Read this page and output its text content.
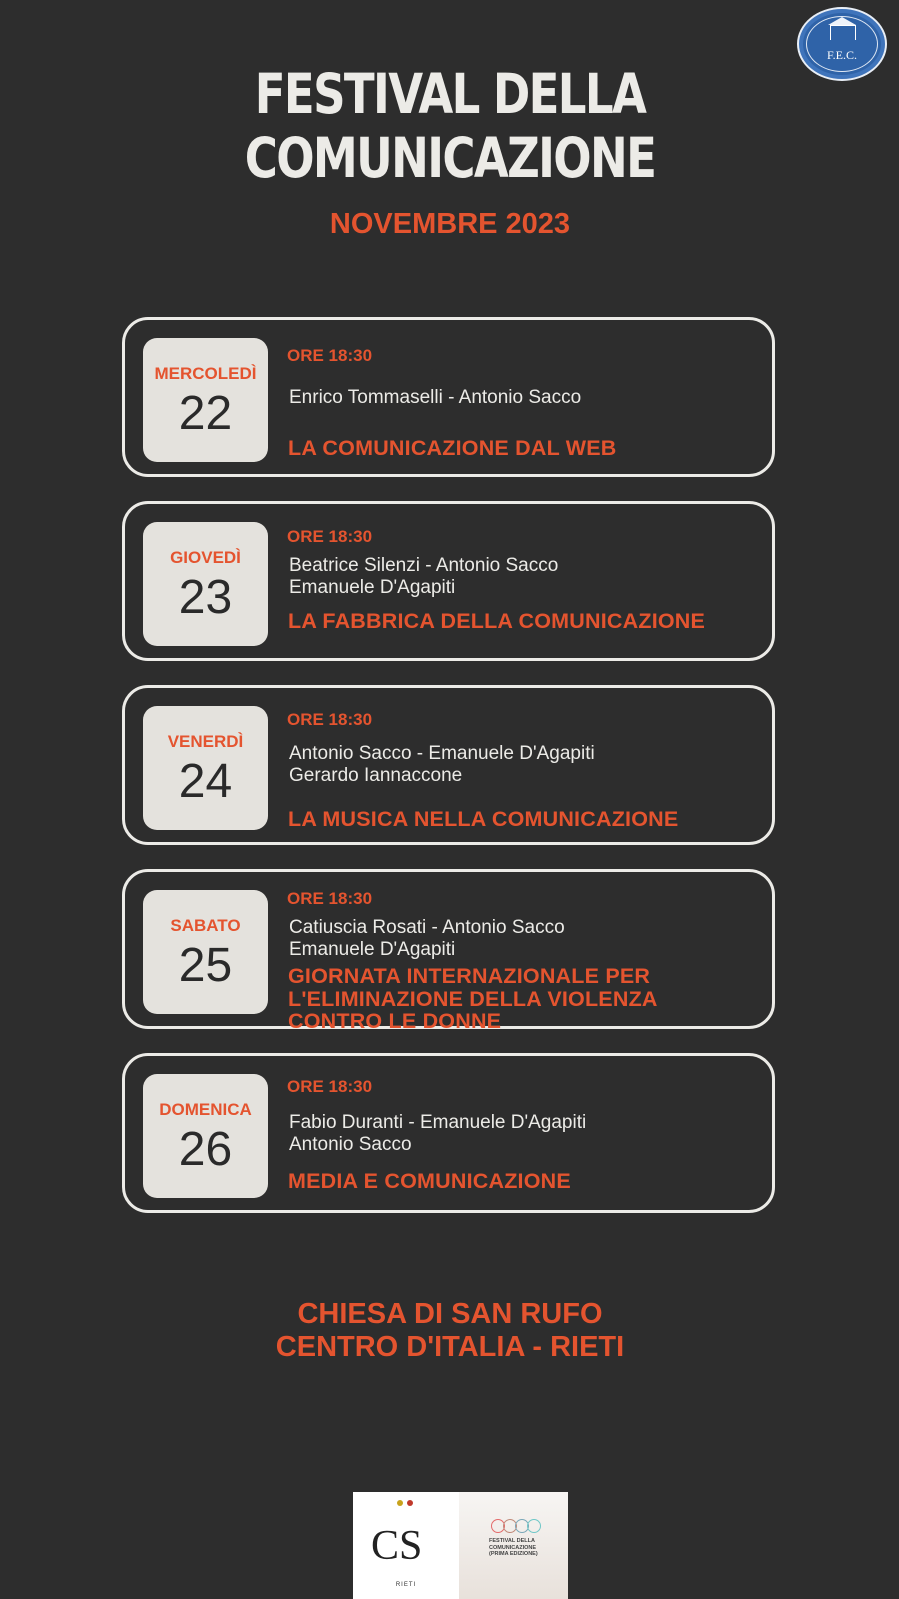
F.E.C.
FESTIVAL DELLA
COMUNICAZIONE
NOVEMBRE 2023
MERCOLEDÌ
22
ORE 18:30
Enrico Tommaselli - Antonio Sacco
LA COMUNICAZIONE DAL WEB
GIOVEDÌ
23
ORE 18:30
Beatrice Silenzi - Antonio Sacco
Emanuele D'Agapiti
LA FABBRICA DELLA COMUNICAZIONE
VENERDÌ
24
ORE 18:30
Antonio Sacco - Emanuele D'Agapiti
Gerardo Iannaccone
LA MUSICA NELLA COMUNICAZIONE
SABATO
25
ORE 18:30
Catiuscia Rosati - Antonio Sacco
Emanuele D'Agapiti
GIORNATA INTERNAZIONALE PER
L'ELIMINAZIONE DELLA VIOLENZA
CONTRO LE DONNE
DOMENICA
26
ORE 18:30
Fabio Duranti - Emanuele D'Agapiti
Antonio Sacco
MEDIA E COMUNICAZIONE
CHIESA DI SAN RUFO
CENTRO D'ITALIA - RIETI
CS
RIETI
FESTIVAL DELLA COMUNICAZIONE (PRIMA EDIZIONE)
